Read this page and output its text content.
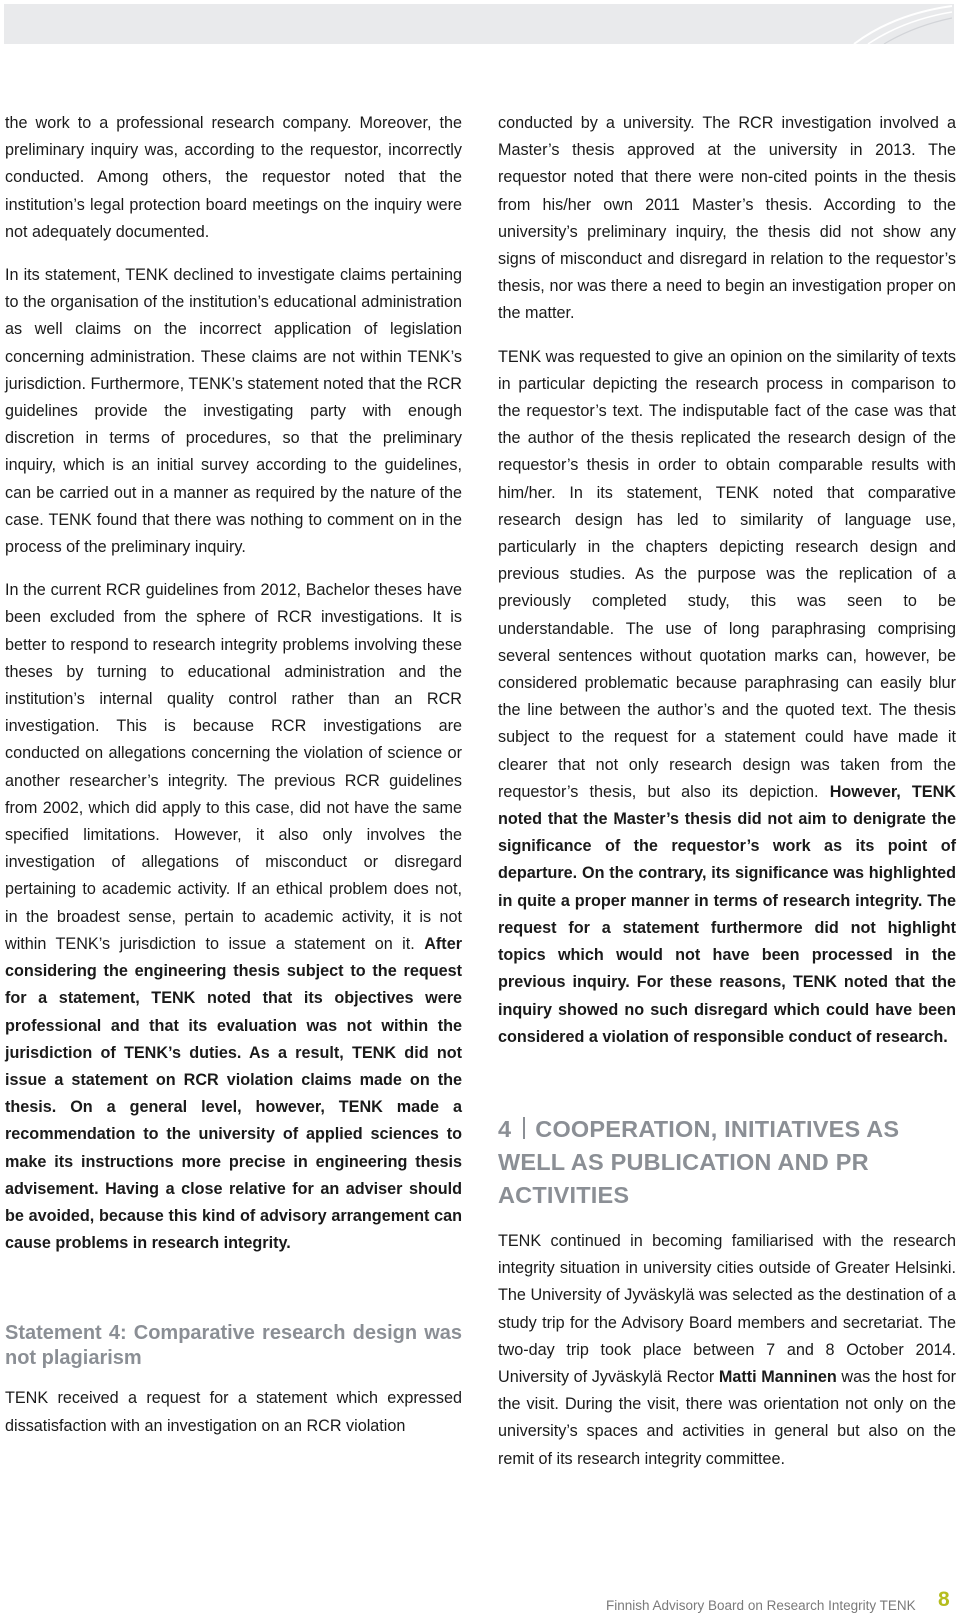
the work to a professional research company. Moreover, the preliminary inquiry was, according to the requestor, incorrectly conducted. Among others, the requestor noted that the institution’s legal protection board meetings on the inquiry were not adequately documented.

In its statement, TENK declined to investigate claims pertaining to the organisation of the institution’s educational administration as well claims on the incorrect application of legislation concerning administration. These claims are not within TENK’s jurisdiction. Furthermore, TENK’s statement noted that the RCR guidelines provide the investigating party with enough discretion in terms of procedures, so that the preliminary inquiry, which is an initial survey according to the guidelines, can be carried out in a manner as required by the nature of the case. TENK found that there was nothing to comment on in the process of the preliminary inquiry.

In the current RCR guidelines from 2012, Bachelor theses have been excluded from the sphere of RCR investigations. It is better to respond to research integrity problems involving these theses by turning to educational administration and the institution’s internal quality control rather than an RCR investigation. This is because RCR investigations are conducted on allegations concerning the violation of science or another researcher’s integrity. The previous RCR guidelines from 2002, which did apply to this case, did not have the same specified limitations. However, it also only involves the investigation of allegations of misconduct or disregard pertaining to academic activity. If an ethical problem does not, in the broadest sense, pertain to academic activity, it is not within TENK’s jurisdiction to issue a statement on it. After considering the engineering thesis subject to the request for a statement, TENK noted that its objectives were professional and that its evaluation was not within the jurisdiction of TENK’s duties. As a result, TENK did not issue a statement on RCR violation claims made on the thesis. On a general level, however, TENK made a recommendation to the university of applied sciences to make its instructions more precise in engineering thesis advisement. Having a close relative for an adviser should be avoided, because this kind of advisory arrangement can cause problems in research integrity.

Statement 4: Comparative research design was not plagiarism

TENK received a request for a statement which expressed dissatisfaction with an investigation on an RCR violation

conducted by a university. The RCR investigation involved a Master’s thesis approved at the university in 2013. The requestor noted that there were non-cited points in the thesis from his/her own 2011 Master’s thesis. According to the university’s preliminary inquiry, the thesis did not show any signs of misconduct and disregard in relation to the requestor’s thesis, nor was there a need to begin an investigation proper on the matter.

TENK was requested to give an opinion on the similarity of texts in particular depicting the research process in comparison to the requestor’s text. The indisputable fact of the case was that the author of the thesis replicated the research design of the requestor’s thesis in order to obtain comparable results with him/her. In its statement, TENK noted that comparative research design has led to similarity of language use, particularly in the chapters depicting research design and previous studies. As the purpose was the replication of a previously completed study, this was seen to be understandable. The use of long paraphrasing comprising several sentences without quotation marks can, however, be considered problematic because paraphrasing can easily blur the line between the author’s and the quoted text. The thesis subject to the request for a statement could have made it clearer that not only research design was taken from the requestor’s thesis, but also its depiction. However, TENK noted that the Master’s thesis did not aim to denigrate the significance of the requestor’s work as its point of departure. On the contrary, its significance was highlighted in quite a proper manner in terms of research integrity. The request for a statement furthermore did not highlight topics which would not have been processed in the previous inquiry. For these reasons, TENK noted that the inquiry showed no such disregard which could have been considered a violation of responsible conduct of research.

4 COOPERATION, INITIATIVES AS WELL AS PUBLICATION AND PR ACTIVITIES

TENK continued in becoming familiarised with the research integrity situation in university cities outside of Greater Helsinki. The University of Jyväskylä was selected as the destination of a study trip for the Advisory Board members and secretariat. The two-day trip took place between 7 and 8 October 2014. University of Jyväskylä Rector Matti Manninen was the host for the visit. During the visit, there was orientation not only on the university’s spaces and activities in general but also on the remit of its research integrity committee.

Finnish Advisory Board on Research Integrity TENK 8
